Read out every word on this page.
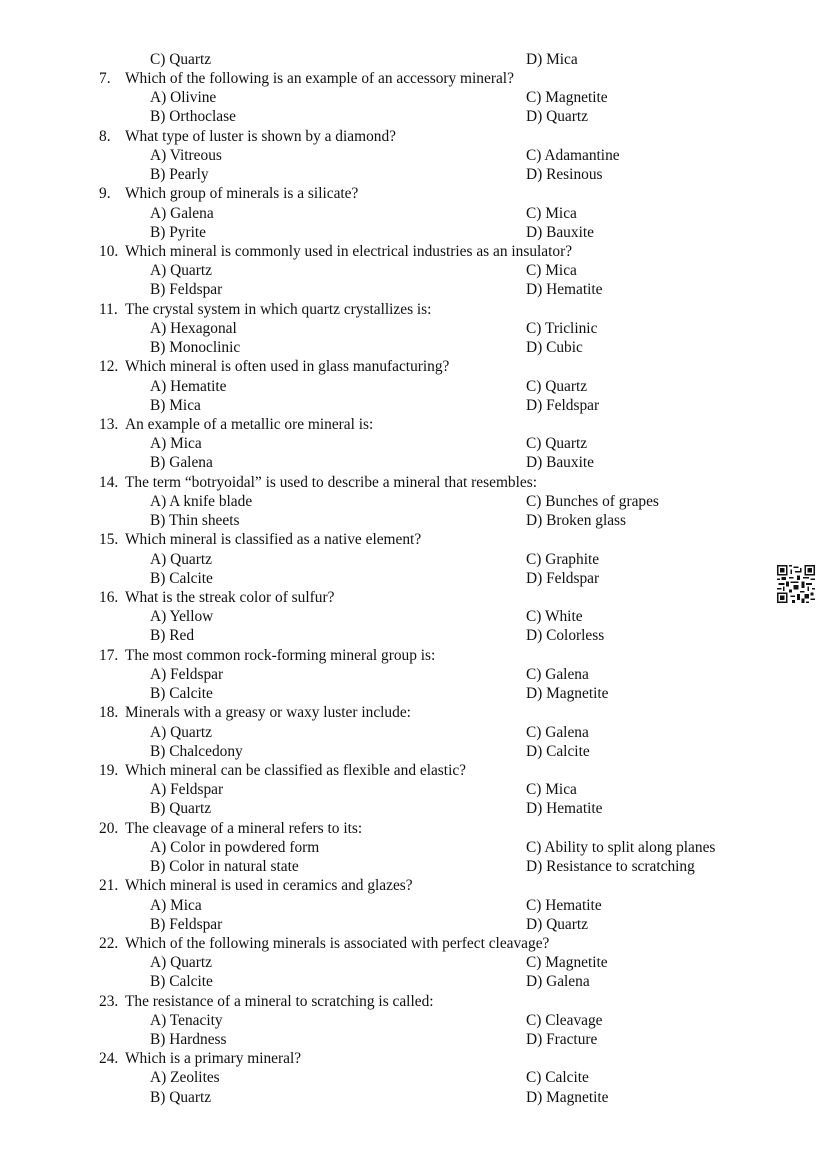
C) Quartz	D) Mica
7. Which of the following is an example of an accessory mineral?
A) Olivine	C) Magnetite
B) Orthoclase	D) Quartz
8. What type of luster is shown by a diamond?
A) Vitreous	C) Adamantine
B) Pearly	D) Resinous
9. Which group of minerals is a silicate?
A) Galena	C) Mica
B) Pyrite	D) Bauxite
10. Which mineral is commonly used in electrical industries as an insulator?
A) Quartz	C) Mica
B) Feldspar	D) Hematite
11. The crystal system in which quartz crystallizes is:
A) Hexagonal	C) Triclinic
B) Monoclinic	D) Cubic
12. Which mineral is often used in glass manufacturing?
A) Hematite	C) Quartz
B) Mica	D) Feldspar
13. An example of a metallic ore mineral is:
A) Mica	C) Quartz
B) Galena	D) Bauxite
14. The term “botryoidal” is used to describe a mineral that resembles:
A) A knife blade	C) Bunches of grapes
B) Thin sheets	D) Broken glass
15. Which mineral is classified as a native element?
A) Quartz	C) Graphite
B) Calcite	D) Feldspar
16. What is the streak color of sulfur?
A) Yellow	C) White
B) Red	D) Colorless
17. The most common rock-forming mineral group is:
A) Feldspar	C) Galena
B) Calcite	D) Magnetite
18. Minerals with a greasy or waxy luster include:
A) Quartz	C) Galena
B) Chalcedony	D) Calcite
19. Which mineral can be classified as flexible and elastic?
A) Feldspar	C) Mica
B) Quartz	D) Hematite
20. The cleavage of a mineral refers to its:
A) Color in powdered form	C) Ability to split along planes
B) Color in natural state	D) Resistance to scratching
21. Which mineral is used in ceramics and glazes?
A) Mica	C) Hematite
B) Feldspar	D) Quartz
22. Which of the following minerals is associated with perfect cleavage?
A) Quartz	C) Magnetite
B) Calcite	D) Galena
23. The resistance of a mineral to scratching is called:
A) Tenacity	C) Cleavage
B) Hardness	D) Fracture
24. Which is a primary mineral?
A) Zeolites	C) Calcite
B) Quartz	D) Magnetite
